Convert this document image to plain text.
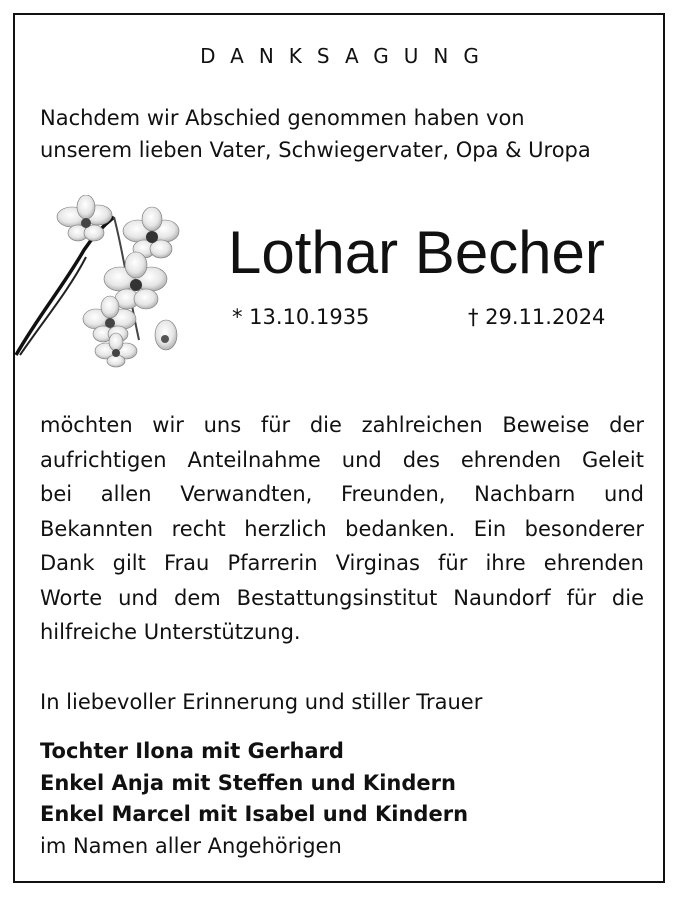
DANKSAGUNG
Nachdem wir Abschied genommen haben von
unserem lieben Vater, Schwiegervater, Opa & Uropa
Lothar Becher
* 13.10.1935	† 29.11.2024
möchten wir uns für die zahlreichen Beweise der
aufrichtigen Anteilnahme und des ehrenden Geleit
bei allen Verwandten, Freunden, Nachbarn und
Bekannten recht herzlich bedanken. Ein besonderer
Dank gilt Frau Pfarrerin Virginas für ihre ehrenden
Worte und dem Bestattungsinstitut Naundorf für die
hilfreiche Unterstützung.
In liebevoller Erinnerung und stiller Trauer
Tochter Ilona mit Gerhard
Enkel Anja mit Steffen und Kindern
Enkel Marcel mit Isabel und Kindern
im Namen aller Angehörigen
